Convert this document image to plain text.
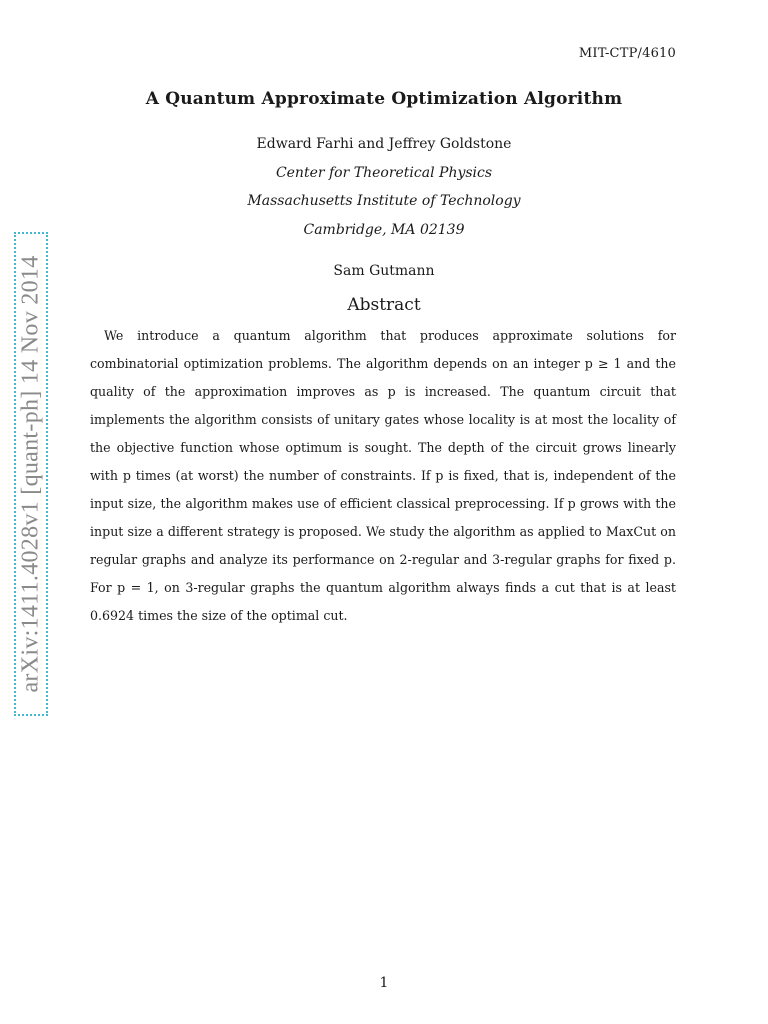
MIT-CTP/4610
A Quantum Approximate Optimization Algorithm
Edward Farhi and Jeffrey Goldstone
Center for Theoretical Physics
Massachusetts Institute of Technology
Cambridge, MA 02139
Sam Gutmann
Abstract

We introduce a quantum algorithm that produces approximate solutions for combinatorial optimization problems. The algorithm depends on an integer p ≥ 1 and the quality of the approximation improves as p is increased. The quantum circuit that implements the algorithm consists of unitary gates whose locality is at most the locality of the objective function whose optimum is sought. The depth of the circuit grows linearly with p times (at worst) the number of constraints. If p is fixed, that is, independent of the input size, the algorithm makes use of efficient classical preprocessing. If p grows with the input size a different strategy is proposed. We study the algorithm as applied to MaxCut on regular graphs and analyze its performance on 2-regular and 3-regular graphs for fixed p. For p = 1, on 3-regular graphs the quantum algorithm always finds a cut that is at least 0.6924 times the size of the optimal cut.

arXiv:1411.4028v1 [quant-ph] 14 Nov 2014
1
